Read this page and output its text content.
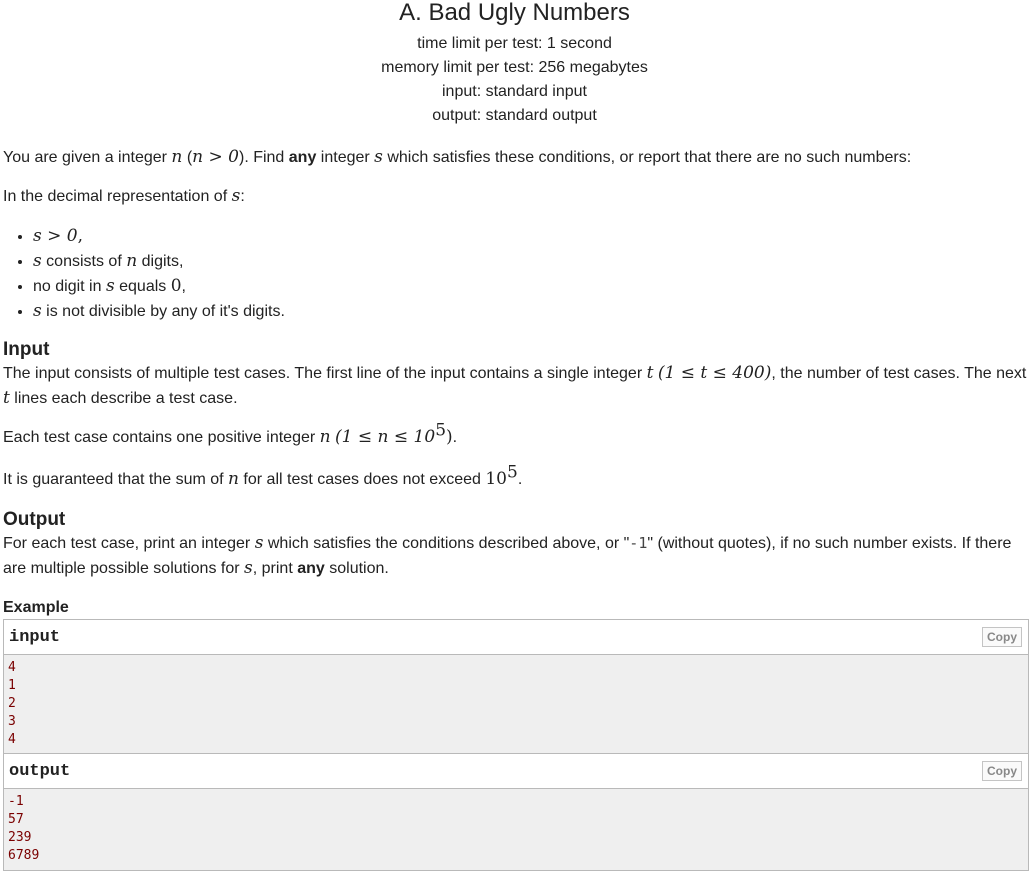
A. Bad Ugly Numbers
time limit per test: 1 second
memory limit per test: 256 megabytes
input: standard input
output: standard output

You are given a integer n (n > 0). Find any integer s which satisfies these conditions, or report that there are no such numbers:

In the decimal representation of s:

• s > 0,
• s consists of n digits,
• no digit in s equals 0,
• s is not divisible by any of it's digits.
Input

The input consists of multiple test cases. The first line of the input contains a single integer t (1 ≤ t ≤ 400), the number of test cases. The next t lines each describe a test case.

Each test case contains one positive integer n $(1 \le n \le 10^5)$.

It is guaranteed that the sum of n for all test cases does not exceed $10^5$.

Output

For each test case, print an integer s which satisfies the conditions described above, or "-1" (without quotes), if no such number exists. If there are multiple possible solutions for s, print any solution.

Example
input	Copy
4
1
2
3
4
output	Copy
-1
57
239
6789
